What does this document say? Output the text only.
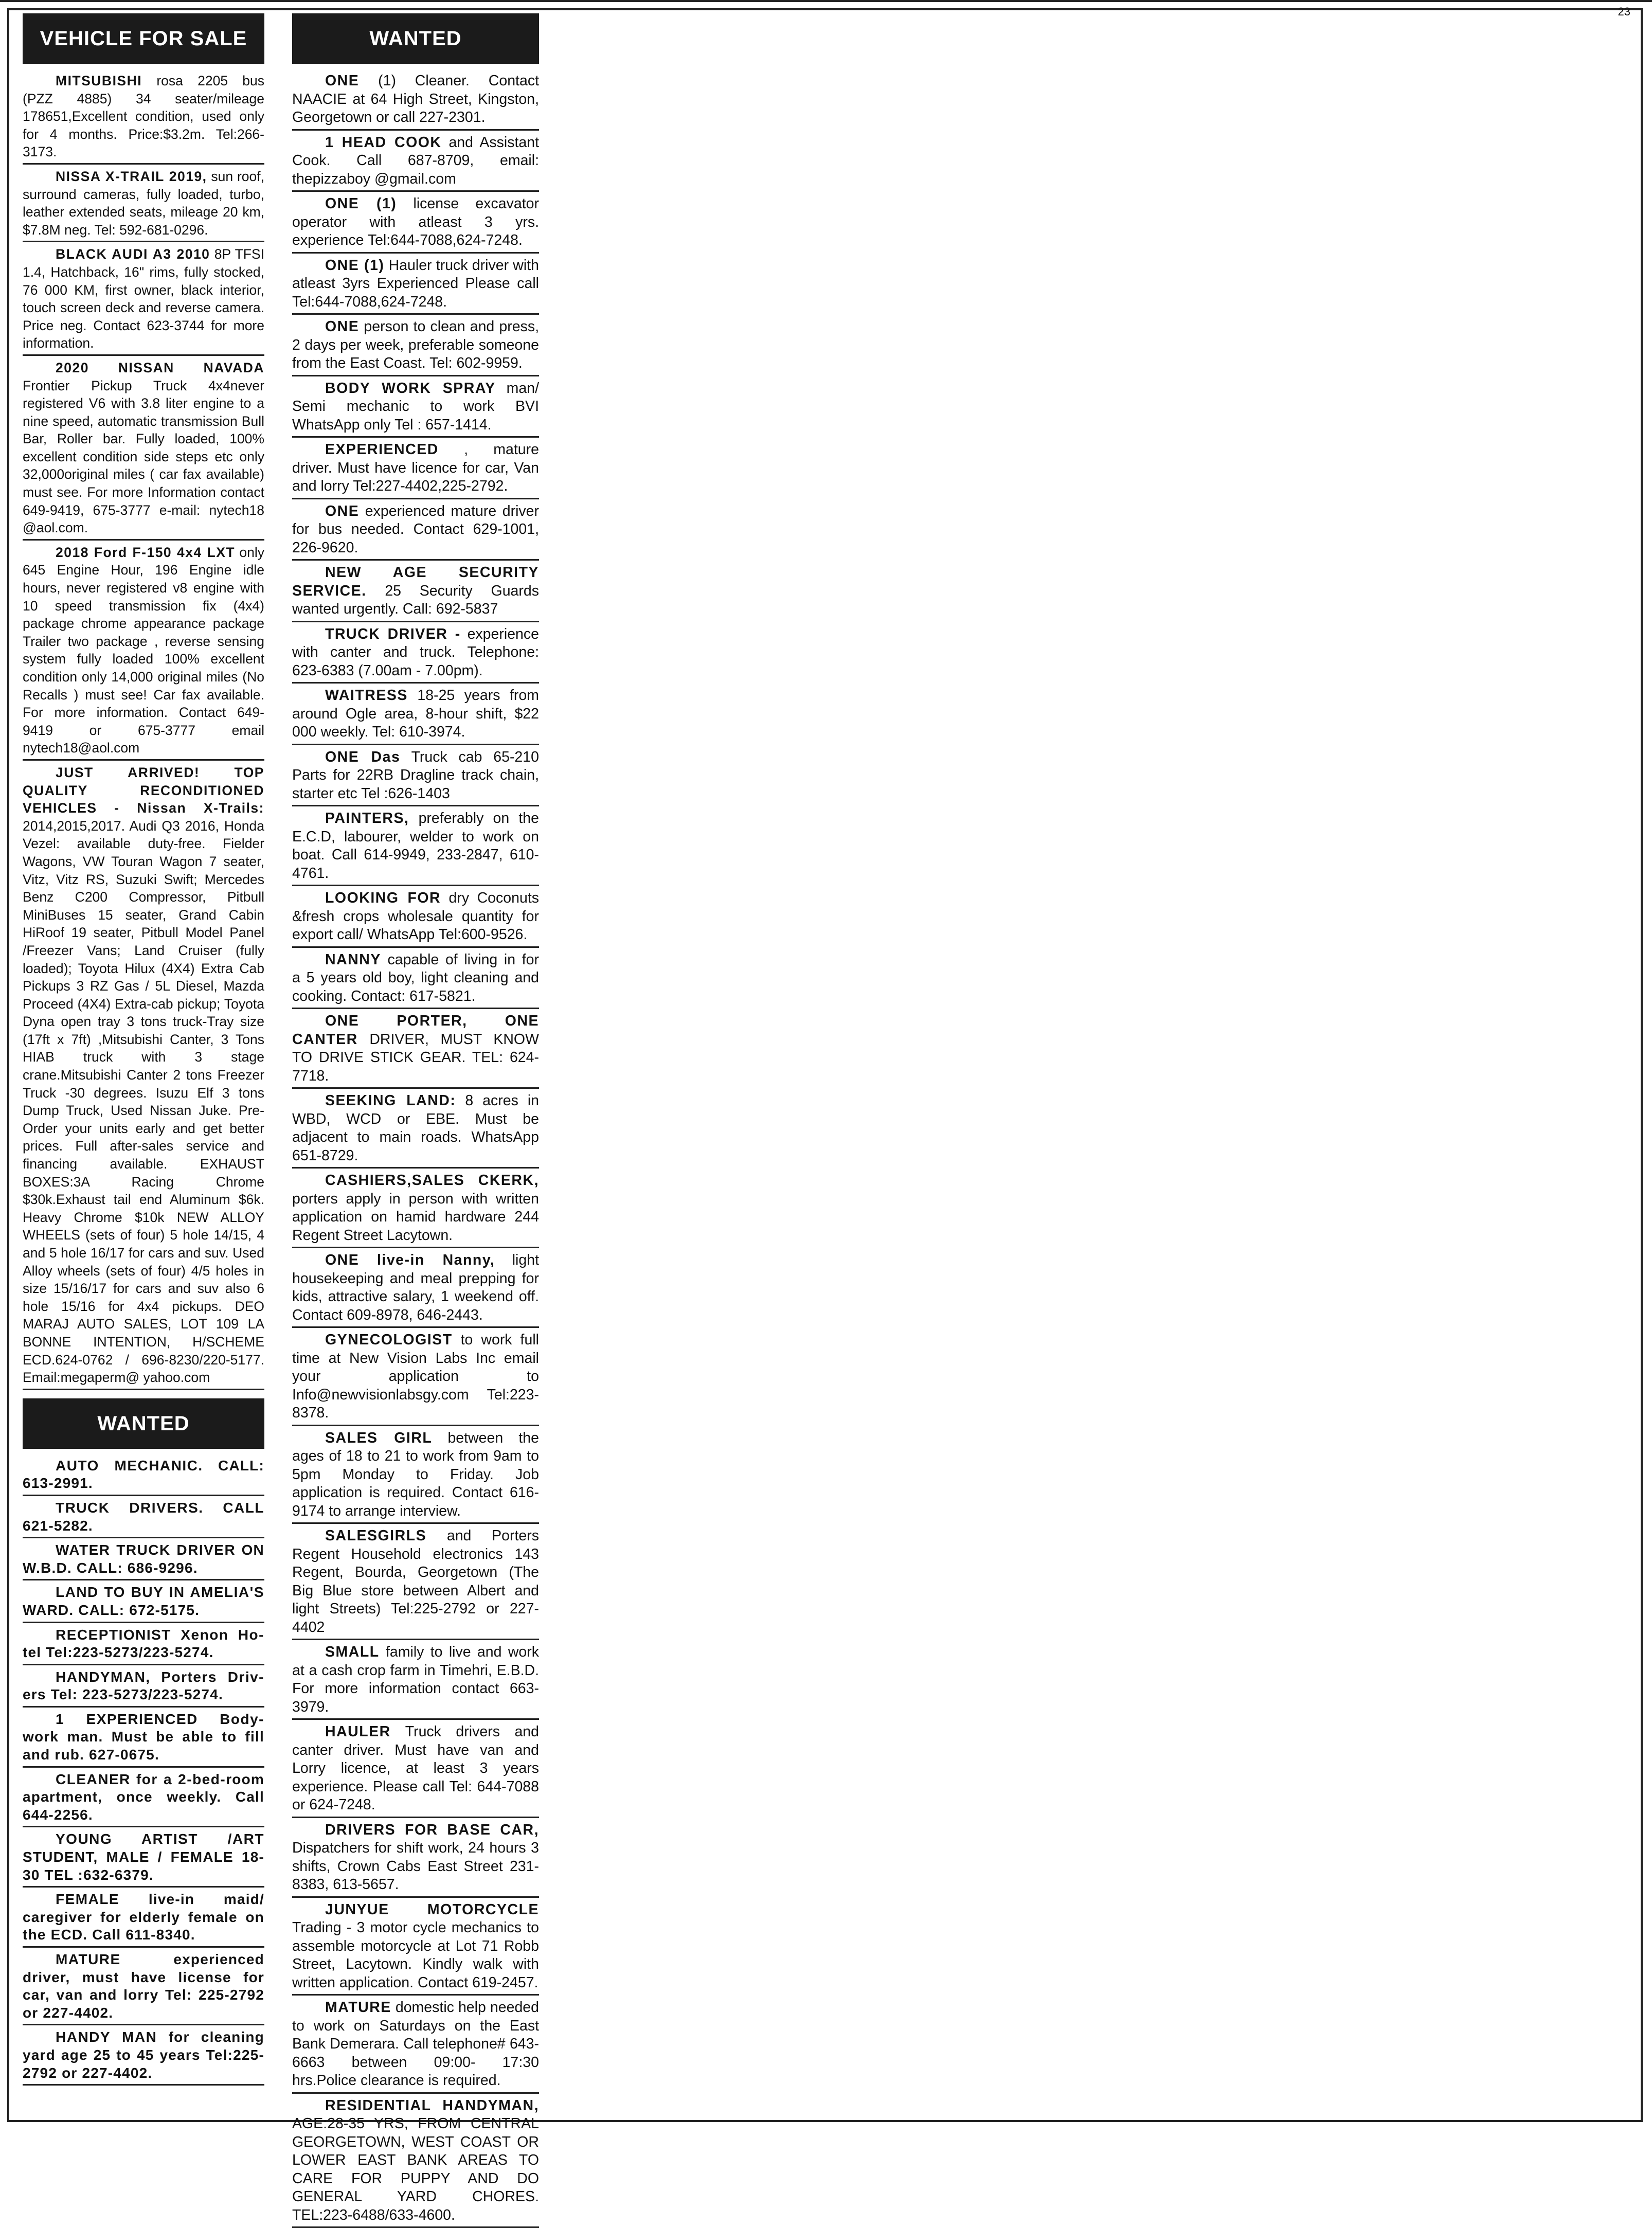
23
VEHICLE FOR SALE
MITSUBISHI rosa 2205 bus (PZZ 4885) 34 seater/mileage 178651,Excellent condition, used only for 4 months. Price:$3.2m. Tel:266-3173.
NISSA X-TRAIL 2019, sun roof, surround cameras, fully loaded, turbo, leather extended seats, mileage 20 km, $7.8M neg. Tel: 592-681-0296.
BLACK AUDI A3 2010 8P TFSI 1.4, Hatchback, 16" rims, fully stocked, 76 000 KM, first owner, black interior, touch screen deck and reverse camera. Price neg. Contact 623-3744 for more information.
2020 NISSAN NAVADA Frontier Pickup Truck 4x4never registered V6 with 3.8 liter engine to a nine speed, automatic transmission Bull Bar, Roller bar. Fully loaded, 100% excellent condition side steps etc only 32,000original miles ( car fax available) must see. For more Information contact 649-9419, 675-3777 e-mail: nytech18 @aol.com.
2018 Ford F-150 4x4 LXT only 645 Engine Hour, 196 Engine idle hours, never registered v8 engine with 10 speed transmission fix (4x4) package chrome appearance package Trailer two package , reverse sensing system fully loaded 100% excellent condition only 14,000 original miles (No Recalls ) must see! Car fax available. For more information. Contact 649-9419 or 675-3777 email nytech18@aol.com
JUST ARRIVED! TOP QUALITY RECONDITIONED VEHICLES - Nissan X-Trails: 2014,2015,2017. Audi Q3 2016, Honda Vezel: available duty-free. Fielder Wagons, VW Touran Wagon 7 seater, Vitz, Vitz RS, Suzuki Swift; Mercedes Benz C200 Compressor, Pitbull MiniBuses 15 seater, Grand Cabin HiRoof 19 seater, Pitbull Model Panel /Freezer Vans; Land Cruiser (fully loaded); Toyota Hilux (4X4) Extra Cab Pickups 3 RZ Gas / 5L Diesel, Mazda Proceed (4X4) Extra-cab pickup; Toyota Dyna open tray 3 tons truck-Tray size (17ft x 7ft) ,Mitsubishi Canter, 3 Tons HIAB truck with 3 stage crane.Mitsubishi Canter 2 tons Freezer Truck -30 degrees. Isuzu Elf 3 tons Dump Truck, Used Nissan Juke. Pre-Order your units early and get better prices. Full after-sales service and financing available. EXHAUST BOXES:3A Racing Chrome $30k.Exhaust tail end Aluminum $6k. Heavy Chrome $10k NEW ALLOY WHEELS (sets of four) 5 hole 14/15, 4 and 5 hole 16/17 for cars and suv. Used Alloy wheels (sets of four) 4/5 holes in size 15/16/17 for cars and suv also 6 hole 15/16 for 4x4 pickups. DEO MARAJ AUTO SALES, LOT 109 LA BONNE INTENTION, H/SCHEME ECD.624-0762 / 696-8230/220-5177. Email:megaperm@ yahoo.com
WANTED
AUTO MECHANIC. CALL: 613-2991.
TRUCK DRIVERS. CALL 621-5282.
WATER TRUCK DRIVER ON W.B.D. CALL: 686-9296.
LAND TO BUY IN AMELIA'S WARD. CALL: 672-5175.
RECEPTIONIST Xenon Ho-tel Tel:223-5273/223-5274.
HANDYMAN, Porters Driv-ers Tel: 223-5273/223-5274.
1 EXPERIENCED Body-work man. Must be able to fill and rub. 627-0675.
CLEANER for a 2-bed-room apartment, once weekly. Call 644-2256.
YOUNG ARTIST /ART STUDENT, MALE / FEMALE 18-30 TEL :632-6379.
FEMALE live-in maid/ caregiver for elderly female on the ECD. Call 611-8340.
MATURE experienced driver, must have license for car, van and lorry Tel: 225-2792 or 227-4402.
HANDY MAN for cleaning yard age 25 to 45 years Tel:225-2792 or 227-4402.
WANTED
ONE (1) Cleaner. Contact NAACIE at 64 High Street, Kingston, Georgetown or call 227-2301.
1 HEAD COOK and Assistant Cook. Call 687-8709, email: thepizzaboy @gmail.com
ONE (1) license excavator operator with atleast 3 yrs. experience Tel:644-7088,624-7248.
ONE (1) Hauler truck driver with atleast 3yrs Experienced Please call Tel:644-7088,624-7248.
ONE person to clean and press, 2 days per week, preferable someone from the East Coast. Tel: 602-9959.
BODY WORK SPRAY man/ Semi mechanic to work BVI WhatsApp only Tel : 657-1414.
EXPERIENCED , mature driver. Must have licence for car, Van and lorry Tel:227-4402,225-2792.
ONE experienced mature driver for bus needed. Contact 629-1001, 226-9620.
NEW AGE SECURITY SERVICE. 25 Security Guards wanted urgently. Call: 692-5837
TRUCK DRIVER - experience with canter and truck. Telephone: 623-6383 (7.00am - 7.00pm).
WAITRESS 18-25 years from around Ogle area, 8-hour shift, $22 000 weekly. Tel: 610-3974.
ONE Das Truck cab 65-210 Parts for 22RB Dragline track chain, starter etc Tel :626-1403
PAINTERS, preferably on the E.C.D, labourer, welder to work on boat. Call 614-9949, 233-2847, 610-4761.
LOOKING FOR dry Coconuts &fresh crops wholesale quantity for export call/ WhatsApp Tel:600-9526.
NANNY capable of living in for a 5 years old boy, light cleaning and cooking. Contact: 617-5821.
ONE PORTER, ONE CANTER DRIVER, MUST KNOW TO DRIVE STICK GEAR. TEL: 624-7718.
SEEKING LAND: 8 acres in WBD, WCD or EBE. Must be adjacent to main roads. WhatsApp 651-8729.
CASHIERS,SALES CKERK, porters apply in person with written application on hamid hardware 244 Regent Street Lacytown.
ONE live-in Nanny, light housekeeping and meal prepping for kids, attractive salary, 1 weekend off. Contact 609-8978, 646-2443.
GYNECOLOGIST to work full time at New Vision Labs Inc email your application to Info@newvisionlabsgy.com Tel:223-8378.
SALES GIRL between the ages of 18 to 21 to work from 9am to 5pm Monday to Friday. Job application is required. Contact 616-9174 to arrange interview.
SALESGIRLS and Porters Regent Household electronics 143 Regent, Bourda, Georgetown (The Big Blue store between Albert and light Streets) Tel:225-2792 or 227-4402
SMALL family to live and work at a cash crop farm in Timehri, E.B.D. For more information contact 663-3979.
HAULER Truck drivers and canter driver. Must have van and Lorry licence, at least 3 years experience. Please call Tel: 644-7088 or 624-7248.
DRIVERS FOR BASE CAR, Dispatchers for shift work, 24 hours 3 shifts, Crown Cabs East Street 231-8383, 613-5657.
JUNYUE MOTORCYCLE Trading - 3 motor cycle mechanics to assemble motorcycle at Lot 71 Robb Street, Lacytown. Kindly walk with written application. Contact 619-2457.
MATURE domestic help needed to work on Saturdays on the East Bank Demerara. Call telephone# 643-6663 between 09:00- 17:30 hrs.Police clearance is required.
RESIDENTIAL HANDYMAN, AGE:28-35 YRS, FROM CENTRAL GEORGETOWN, WEST COAST OR LOWER EAST BANK AREAS TO CARE FOR PUPPY AND DO GENERAL YARD CHORES. TEL:223-6488/633-4600.
